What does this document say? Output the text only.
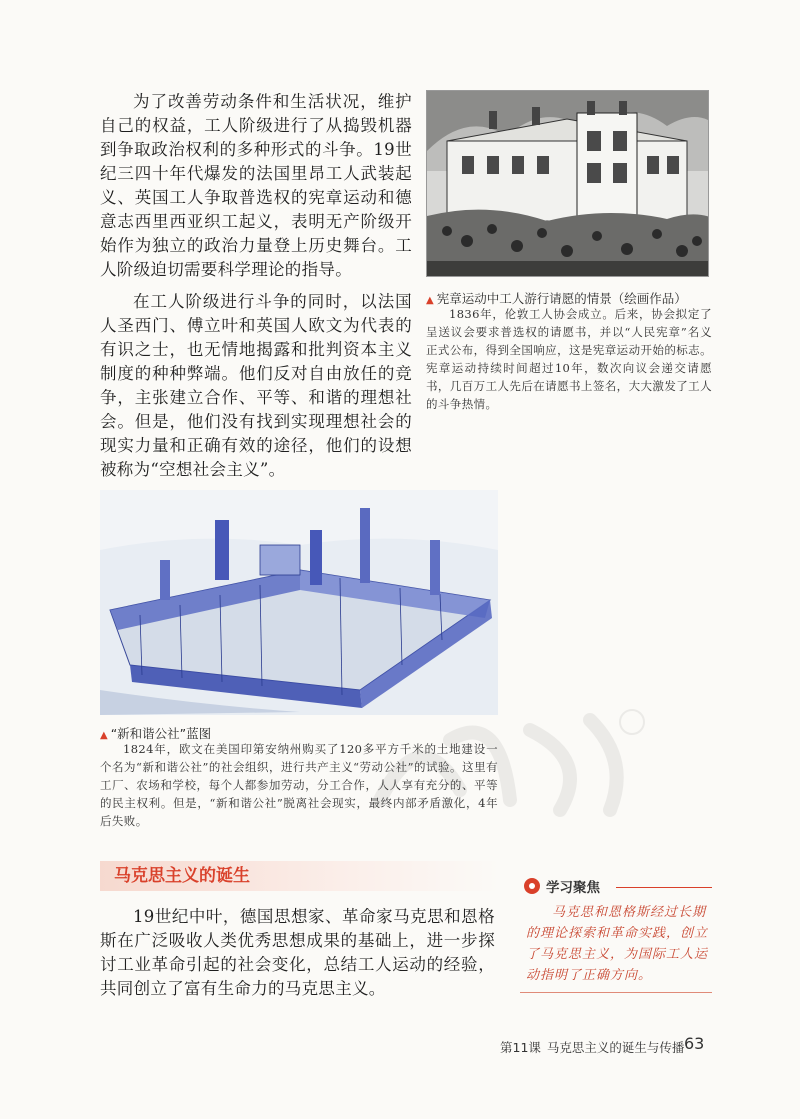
为了改善劳动条件和生活状况，维护自己的权益，工人阶级进行了从捣毁机器到争取政治权利的多种形式的斗争。19世纪三四十年代爆发的法国里昂工人武装起义、英国工人争取普选权的宪章运动和德意志西里西亚织工起义，表明无产阶级开始作为独立的政治力量登上历史舞台。工人阶级迫切需要科学理论的指导。

▲ 宪章运动中工人游行请愿的情景（绘画作品）

1836年，伦敦工人协会成立。后来，协会拟定了呈送议会要求普选权的请愿书，并以“人民宪章”名义正式公布，得到全国响应，这是宪章运动开始的标志。宪章运动持续时间超过10年，数次向议会递交请愿书，几百万工人先后在请愿书上签名，大大激发了工人的斗争热情。

在工人阶级进行斗争的同时，以法国人圣西门、傅立叶和英国人欧文为代表的有识之士，也无情地揭露和批判资本主义制度的种种弊端。他们反对自由放任的竞争，主张建立合作、平等、和谐的理想社会。但是，他们没有找到实现理想社会的现实力量和正确有效的途径，他们的设想被称为“空想社会主义”。

▲ “新和谐公社”蓝图

1824年，欧文在美国印第安纳州购买了120多平方千米的土地建设一个名为“新和谐公社”的社会组织，进行共产主义“劳动公社”的试验。这里有工厂、农场和学校，每个人都参加劳动，分工合作，人人享有充分的、平等的民主权利。但是，“新和谐公社”脱离社会现实，最终内部矛盾激化，4年后失败。

马克思主义的诞生

19世纪中叶，德国思想家、革命家马克思和恩格斯在广泛吸收人类优秀思想成果的基础上，进一步探讨工业革命引起的社会变化，总结工人运动的经验，共同创立了富有生命力的马克思主义。

学习聚焦

马克思和恩格斯经过长期的理论探索和革命实践，创立了马克思主义，为国际工人运动指明了正确方向。

第11课 马克思主义的诞生与传播 63
